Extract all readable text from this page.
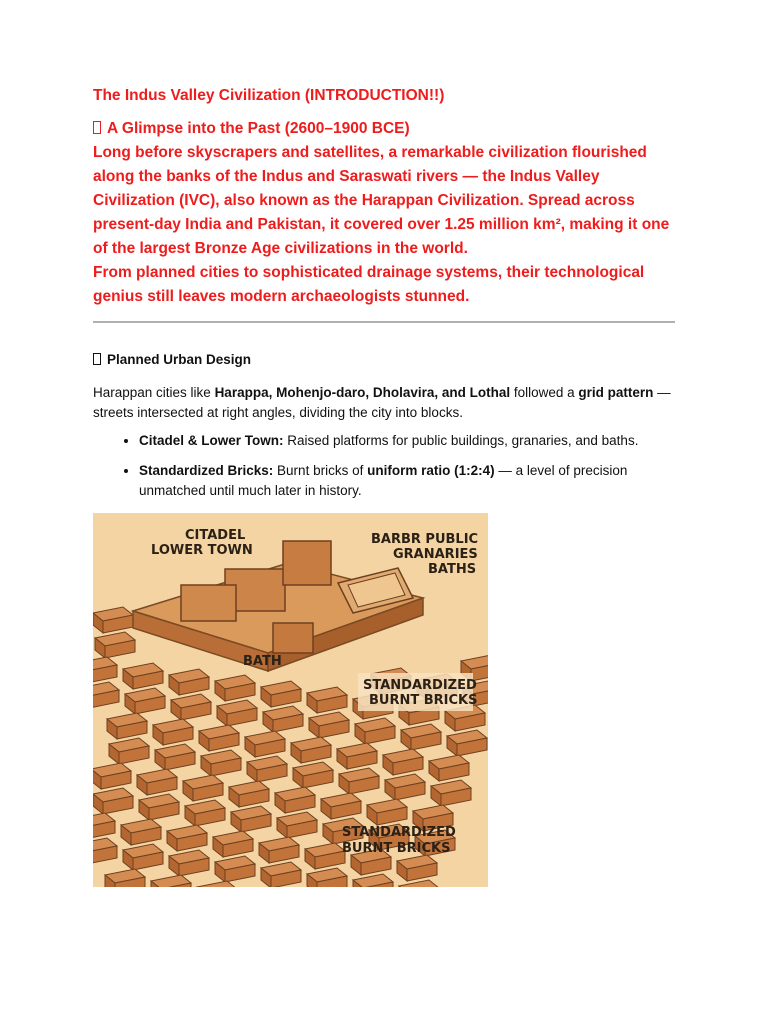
The Indus Valley Civilization (INTRODUCTION!!)

A Glimpse into the Past (2600–1900 BCE)

Long before skyscrapers and satellites, a remarkable civilization flourished along the banks of the Indus and Saraswati rivers — the Indus Valley Civilization (IVC), also known as the Harappan Civilization. Spread across present-day India and Pakistan, it covered over 1.25 million km², making it one of the largest Bronze Age civilizations in the world.

From planned cities to sophisticated drainage systems, their technological genius still leaves modern archaeologists stunned.

Planned Urban Design

Harappan cities like Harappa, Mohenjo-daro, Dholavira, and Lothal followed a grid pattern — streets intersected at right angles, dividing the city into blocks.

• Citadel & Lower Town: Raised platforms for public buildings, granaries, and baths.
• Standardized Bricks: Burnt bricks of uniform ratio (1:2:4) — a level of precision unmatched until much later in history.
CITADEL
LOWER TOWN
BARBR PUBLIC
GRANARIES
BATHS
BATH
STANDARDIZED
BURNT BRICKS
STANDARDIZED
BURNT BRICKS
